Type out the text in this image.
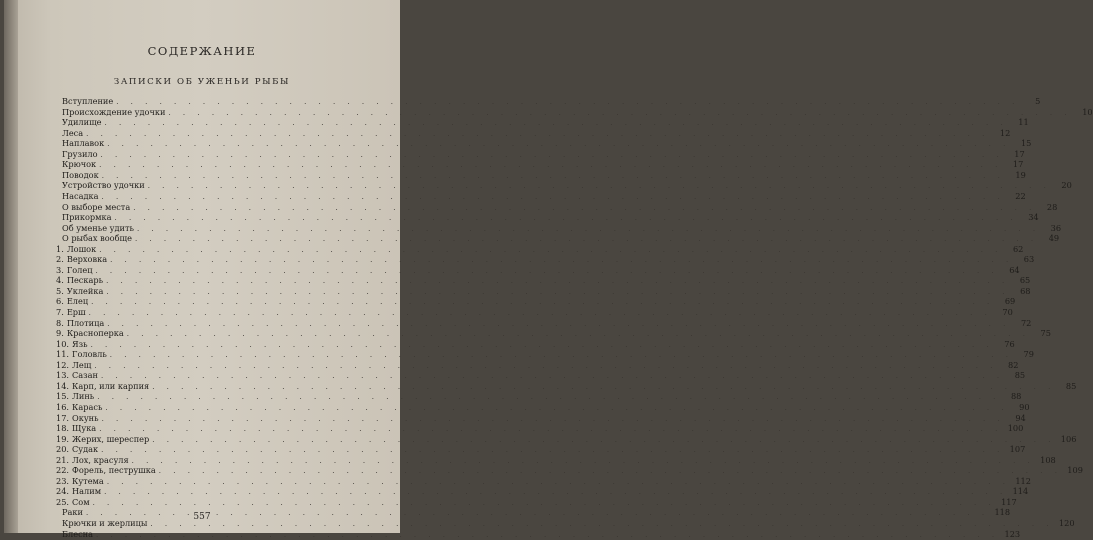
СОДЕРЖАНИЕ
ЗАПИСКИ ОБ УЖЕНЬИ РЫБЫ
Вступление . . .	5
Происхождение удочки . . .	10
Удилище . . .	11
Леса . . .	12
Наплавок . . .	15
Грузило . . .	17
Крючок . . .	17
Поводок . . .	19
Устройство удочки . . .	20
Насадка . . .	22
О выборе места . . .	28
Прикормка . . .	34
Об уменье удить . . .	36
О рыбах вообще . . .	49
1. Лошок . . .	62
2. Верховка . . .	63
3. Голец . . .	64
4. Пескарь . . .	65
5. Уклейка . . .	68
6. Елец . . .	69
7. Ерш . . .	70
8. Плотица . . .	72
9. Красноперка . . .	75
10. Язь . . .	76
11. Головль . . .	79
12. Лещ . . .	82
13. Сазан . . .	85
14. Карп, или карпия . . .	85
15. Линь . . .	88
16. Карась . . .	90
17. Окунь . . .	94
18. Щука . . .	100
19. Жерих, шереспер . . .	106
20. Судак . . .	107
21. Лох, красуля . . .	108
22. Форель, пеструшка . . .	109
23. Кутема . . .	112
24. Налим . . .	114
25. Сом . . .	117
Раки . . .	118
Крючки и жерлицы . . .	120
Блесна . . .	123
557
